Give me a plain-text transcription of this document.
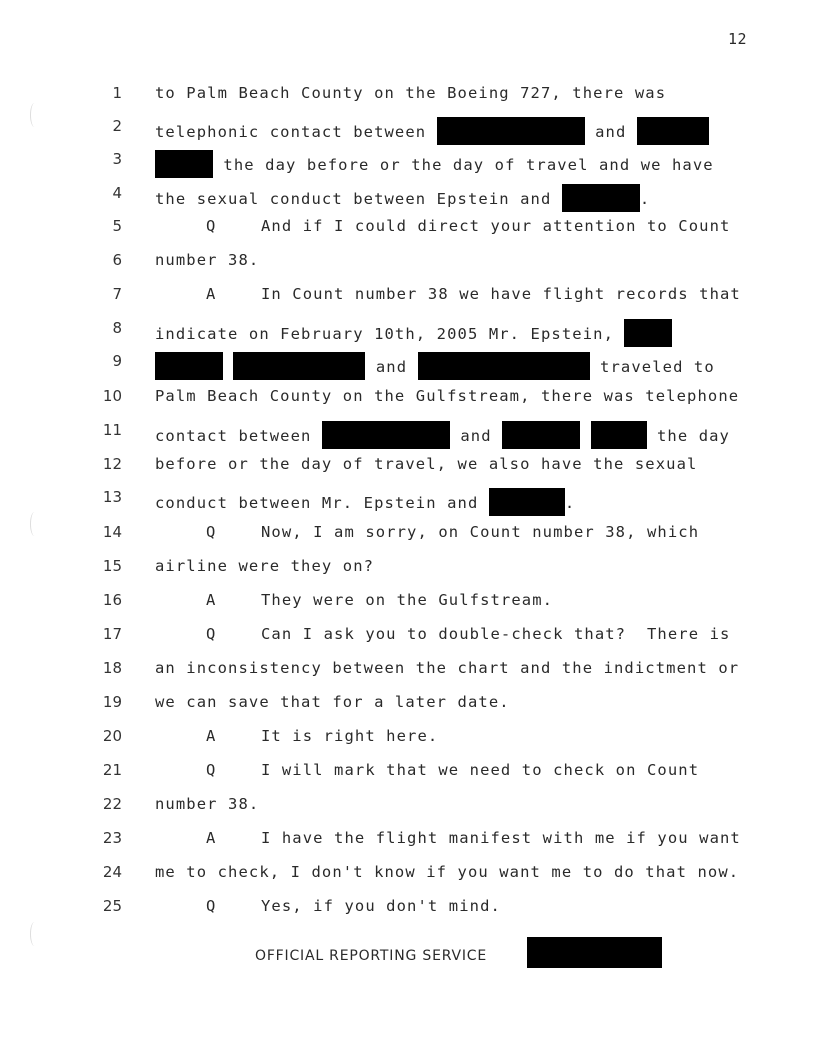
12
1 to Palm Beach County on the Boeing 727, there was
2 telephonic contact between	and
3	the day before or the day of travel and we have
4 the sexual conduct between Epstein and	.
5	Q	And if I could direct your attention to Count
6 number 38.
7	A	In Count number 38 we have flight records that
8 indicate on February 10th, 2005 Mr. Epstein,
9	and	traveled to
10 Palm Beach County on the Gulfstream, there was telephone
11 contact between	and	the day
12 before or the day of travel, we also have the sexual
13 conduct between Mr. Epstein and	.
14	Q	Now, I am sorry, on Count number 38, which
15 airline were they on?
16	A	They were on the Gulfstream.
17	Q	Can I ask you to double-check that?  There is
18 an inconsistency between the chart and the indictment or
19 we can save that for a later date.
20	A	It is right here.
21	Q	I will mark that we need to check on Count
22 number 38.
23	A	I have the flight manifest with me if you want
24 me to check, I don't know if you want me to do that now.
25	Q	Yes, if you don't mind.
OFFICIAL REPORTING SERVICE
